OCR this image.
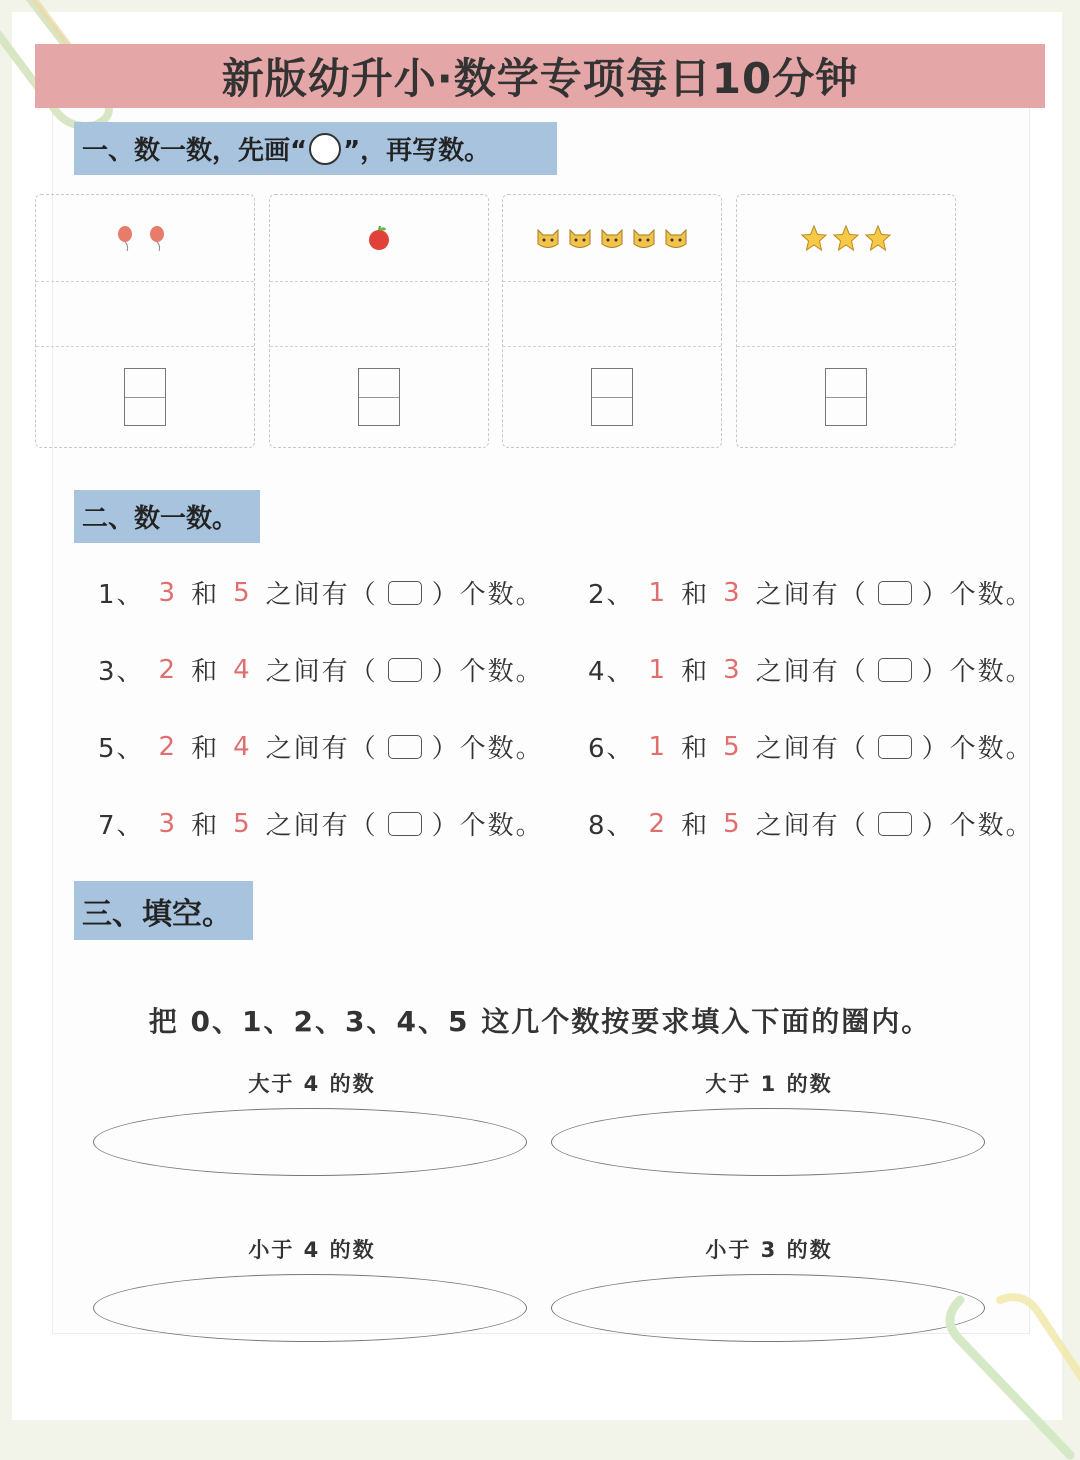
新版幼升小·数学专项每日10分钟
一、数一数，先画“ ”，再写数。
二、数一数。
1、 3 和 5 之间有（ ）个数。 2、 1 和 3 之间有（ ）个数。
3、 2 和 4 之间有（ ）个数。 4、 1 和 3 之间有（ ）个数。
5、 2 和 4 之间有（ ）个数。 6、 1 和 5 之间有（ ）个数。
7、 3 和 5 之间有（ ）个数。 8、 2 和 5 之间有（ ）个数。
三、填空。
把 0、1、2、3、4、5 这几个数按要求填入下面的圈内。
大于 4 的数	大于 1 的数
小于 4 的数	小于 3 的数
